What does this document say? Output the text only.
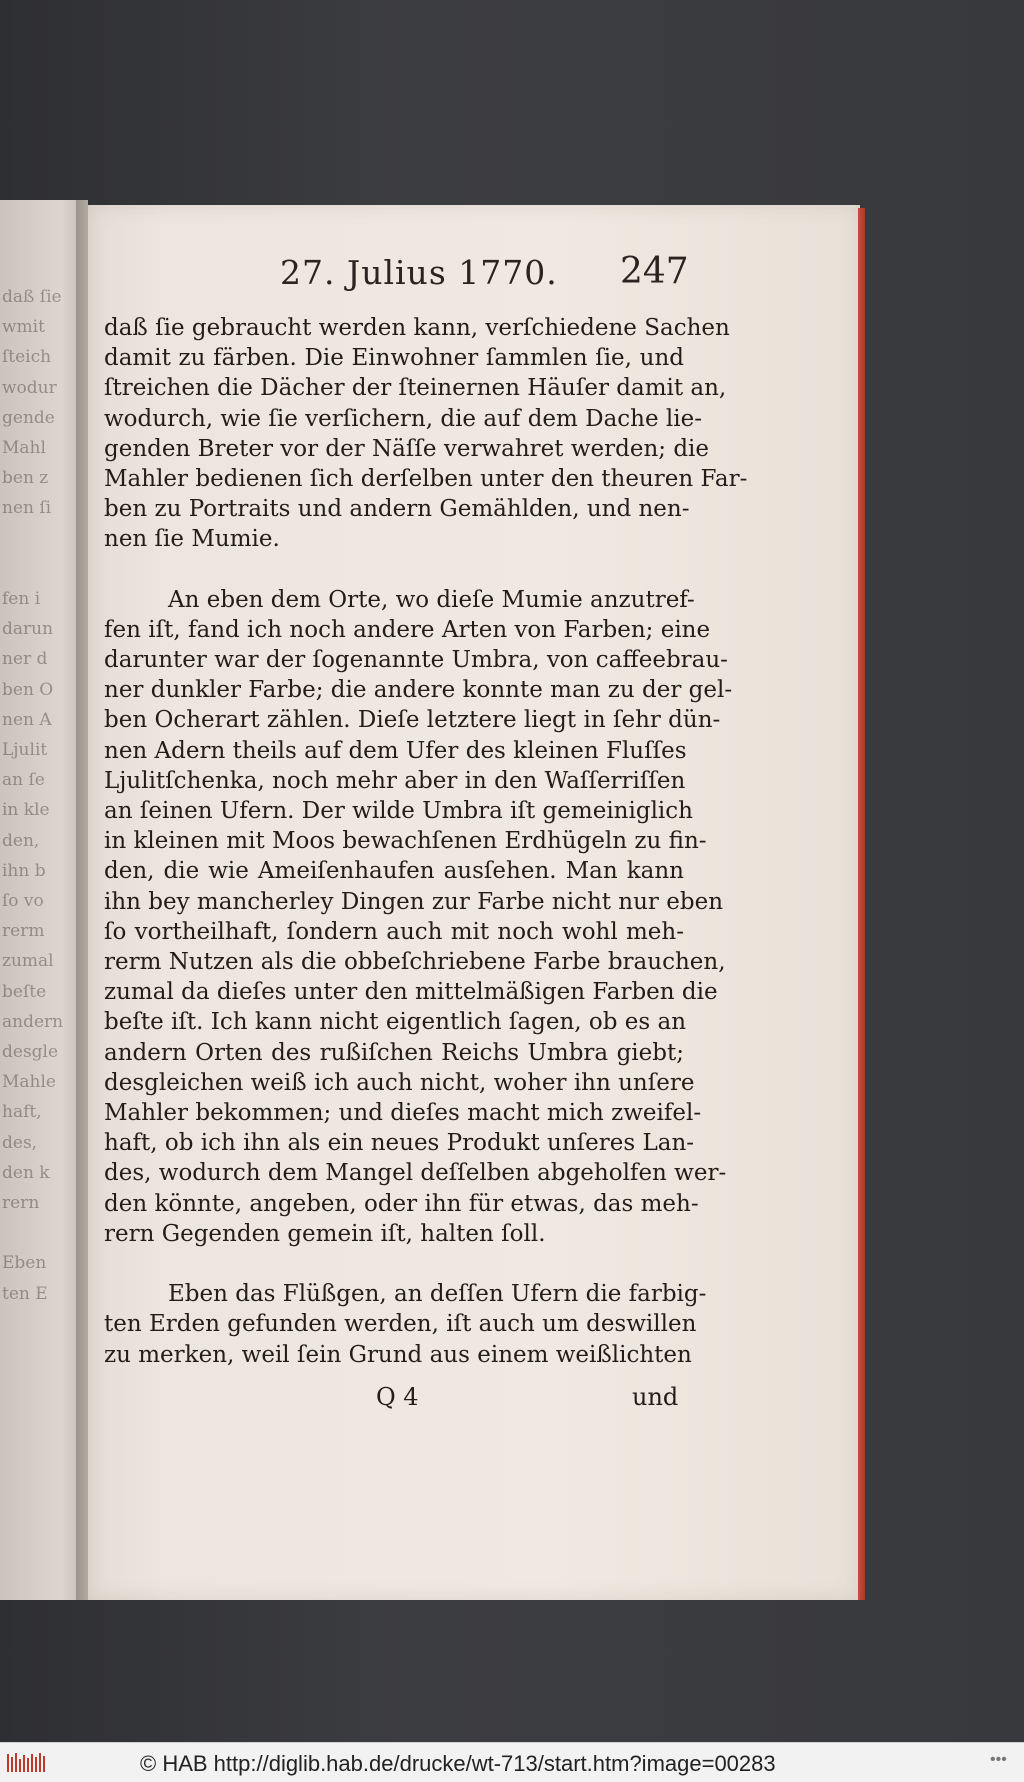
daß ſie
wmit
ſteich
wodur
gende
Mahl
ben z
nen ſi
fen i
darun
ner d
ben O
nen A
Ljulit
an ſe
in kle
den,
ihn b
ſo vo
rerm
zumal
beſte
andern
desgle
Mahle
haft,
des,
den k
rern
Eben
ten E
27. Julius 1770. 247

daß ſie gebraucht werden kann, verſchiedene Sachen
damit zu färben. Die Einwohner ſammlen ſie, und
ſtreichen die Dächer der ſteinernen Häuſer damit an,
wodurch, wie ſie verſichern, die auf dem Dache lie-
genden Breter vor der Näſſe verwahret werden; die
Mahler bedienen ſich derſelben unter den theuren Far-
ben zu Portraits und andern Gemählden, und nen-
nen ſie Mumie.

An eben dem Orte, wo dieſe Mumie anzutref-
fen iſt, fand ich noch andere Arten von Farben; eine
darunter war der ſogenannte Umbra, von caffeebrau-
ner dunkler Farbe; die andere konnte man zu der gel-
ben Ocherart zählen. Dieſe letztere liegt in ſehr dün-
nen Adern theils auf dem Ufer des kleinen Fluſſes
Ljulitſchenka, noch mehr aber in den Waſſerriſſen
an ſeinen Ufern. Der wilde Umbra iſt gemeiniglich
in kleinen mit Moos bewachſenen Erdhügeln zu fin-
den, die wie Ameiſenhaufen ausſehen. Man kann
ihn bey mancherley Dingen zur Farbe nicht nur eben
ſo vortheilhaft, ſondern auch mit noch wohl meh-
rerm Nutzen als die obbeſchriebene Farbe brauchen,
zumal da dieſes unter den mittelmäßigen Farben die
beſte iſt. Ich kann nicht eigentlich ſagen, ob es an
andern Orten des rußiſchen Reichs Umbra giebt;
desgleichen weiß ich auch nicht, woher ihn unſere
Mahler bekommen; und dieſes macht mich zweifel-
haft, ob ich ihn als ein neues Produkt unſeres Lan-
des, wodurch dem Mangel deſſelben abgeholfen wer-
den könnte, angeben, oder ihn für etwas, das meh-
rern Gegenden gemein iſt, halten ſoll.

Eben das Flüßgen, an deſſen Ufern die farbig-
ten Erden gefunden werden, iſt auch um deswillen
zu merken, weil ſein Grund aus einem weißlichten

Q 4	und
© HAB http://diglib.hab.de/drucke/wt-713/start.htm?image=00283	•••
